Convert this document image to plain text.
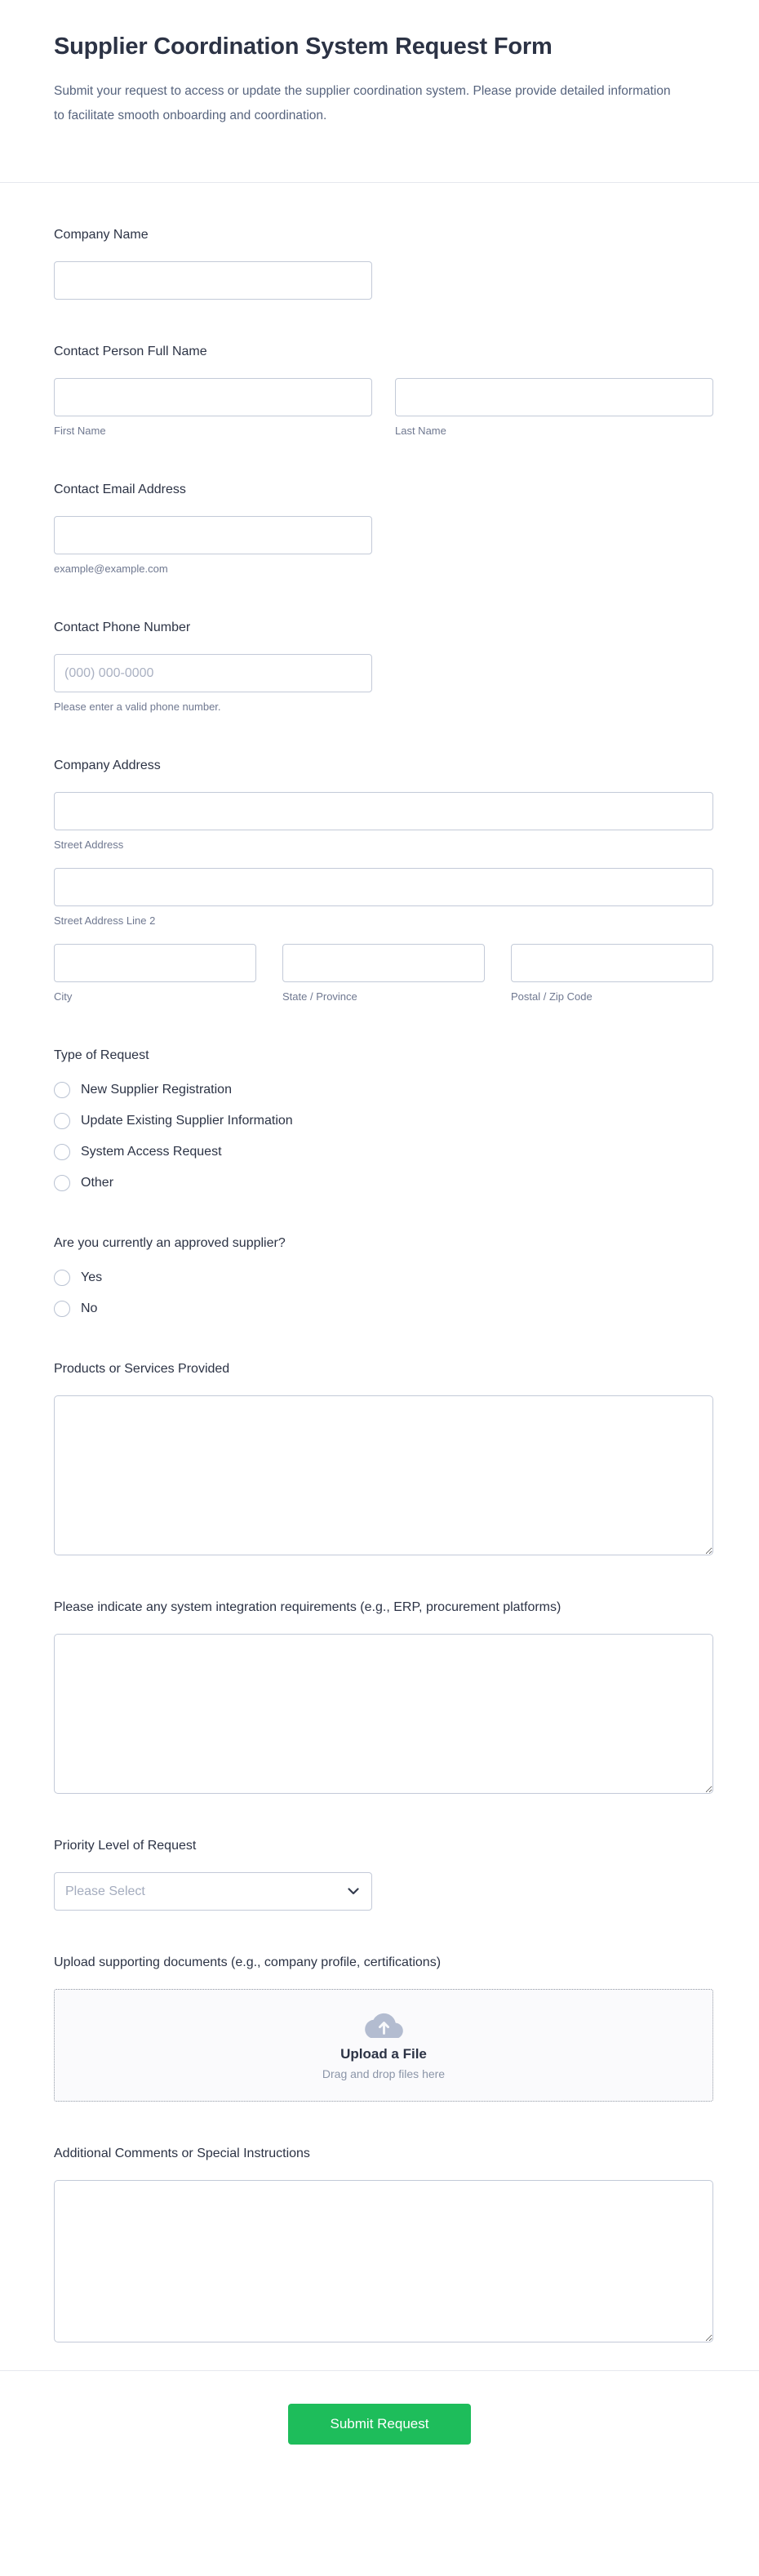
Supplier Coordination System Request Form

Submit your request to access or update the supplier coordination system. Please provide detailed information to facilitate smooth onboarding and coordination.

Company Name
Contact Person Full Name
First Name	Last Name
Contact Email Address
example@example.com
Contact Phone Number
(000) 000-0000
Please enter a valid phone number.
Company Address
Street Address
Street Address Line 2
City	State / Province	Postal / Zip Code
Type of Request
New Supplier Registration
Update Existing Supplier Information
System Access Request
Other
Are you currently an approved supplier?
Yes
No
Products or Services Provided
Please indicate any system integration requirements (e.g., ERP, procurement platforms)
Priority Level of Request
Please Select
Upload supporting documents (e.g., company profile, certifications)
Upload a File
Drag and drop files here
Additional Comments or Special Instructions
Submit Request
